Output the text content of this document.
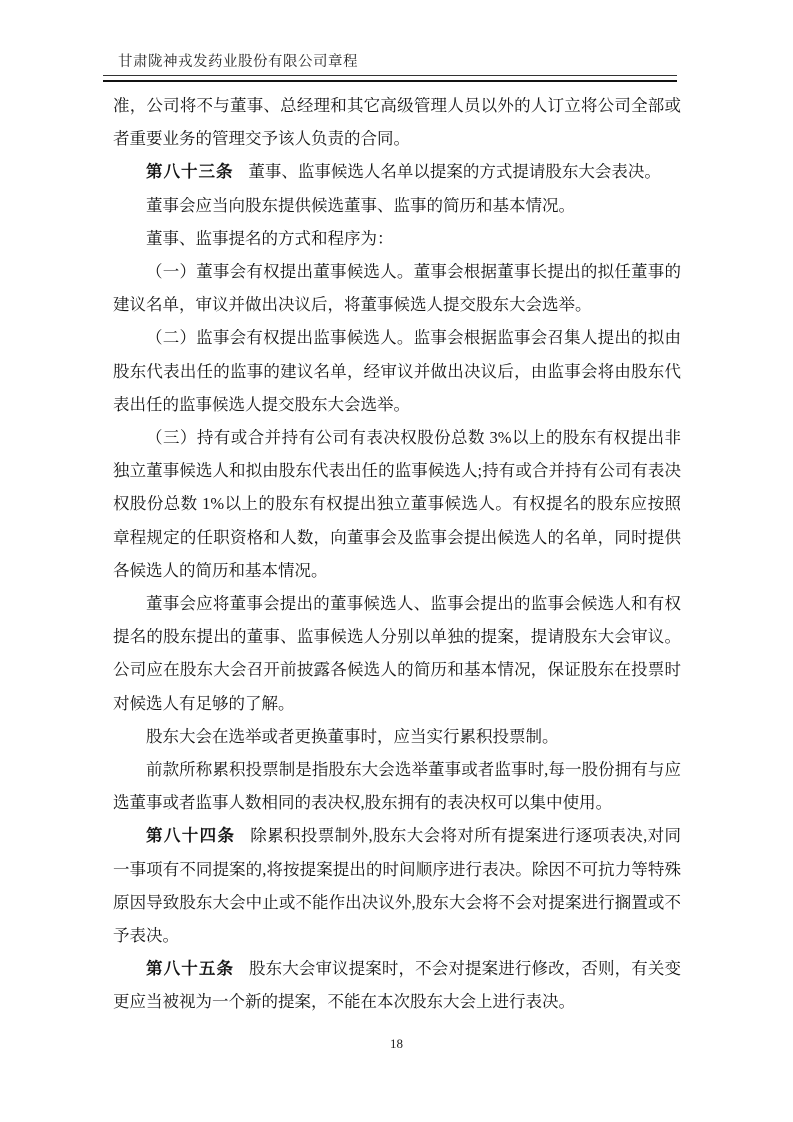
甘肃陇神戎发药业股份有限公司章程

准，公司将不与董事、总经理和其它高级管理人员以外的人订立将公司全部或者重要业务的管理交予该人负责的合同。

第八十三条 董事、监事候选人名单以提案的方式提请股东大会表决。

董事会应当向股东提供候选董事、监事的简历和基本情况。

董事、监事提名的方式和程序为：

（一）董事会有权提出董事候选人。董事会根据董事长提出的拟任董事的建议名单，审议并做出决议后，将董事候选人提交股东大会选举。

（二）监事会有权提出监事候选人。监事会根据监事会召集人提出的拟由股东代表出任的监事的建议名单，经审议并做出决议后，由监事会将由股东代表出任的监事候选人提交股东大会选举。

（三）持有或合并持有公司有表决权股份总数 3%以上的股东有权提出非独立董事候选人和拟由股东代表出任的监事候选人;持有或合并持有公司有表决权股份总数 1%以上的股东有权提出独立董事候选人。有权提名的股东应按照章程规定的任职资格和人数，向董事会及监事会提出候选人的名单，同时提供各候选人的简历和基本情况。

董事会应将董事会提出的董事候选人、监事会提出的监事会候选人和有权提名的股东提出的董事、监事候选人分别以单独的提案，提请股东大会审议。公司应在股东大会召开前披露各候选人的简历和基本情况，保证股东在投票时对候选人有足够的了解。

股东大会在选举或者更换董事时，应当实行累积投票制。

前款所称累积投票制是指股东大会选举董事或者监事时,每一股份拥有与应选董事或者监事人数相同的表决权,股东拥有的表决权可以集中使用。

第八十四条 除累积投票制外,股东大会将对所有提案进行逐项表决,对同一事项有不同提案的,将按提案提出的时间顺序进行表决。除因不可抗力等特殊原因导致股东大会中止或不能作出决议外,股东大会将不会对提案进行搁置或不予表决。

第八十五条 股东大会审议提案时，不会对提案进行修改，否则，有关变更应当被视为一个新的提案，不能在本次股东大会上进行表决。

18
